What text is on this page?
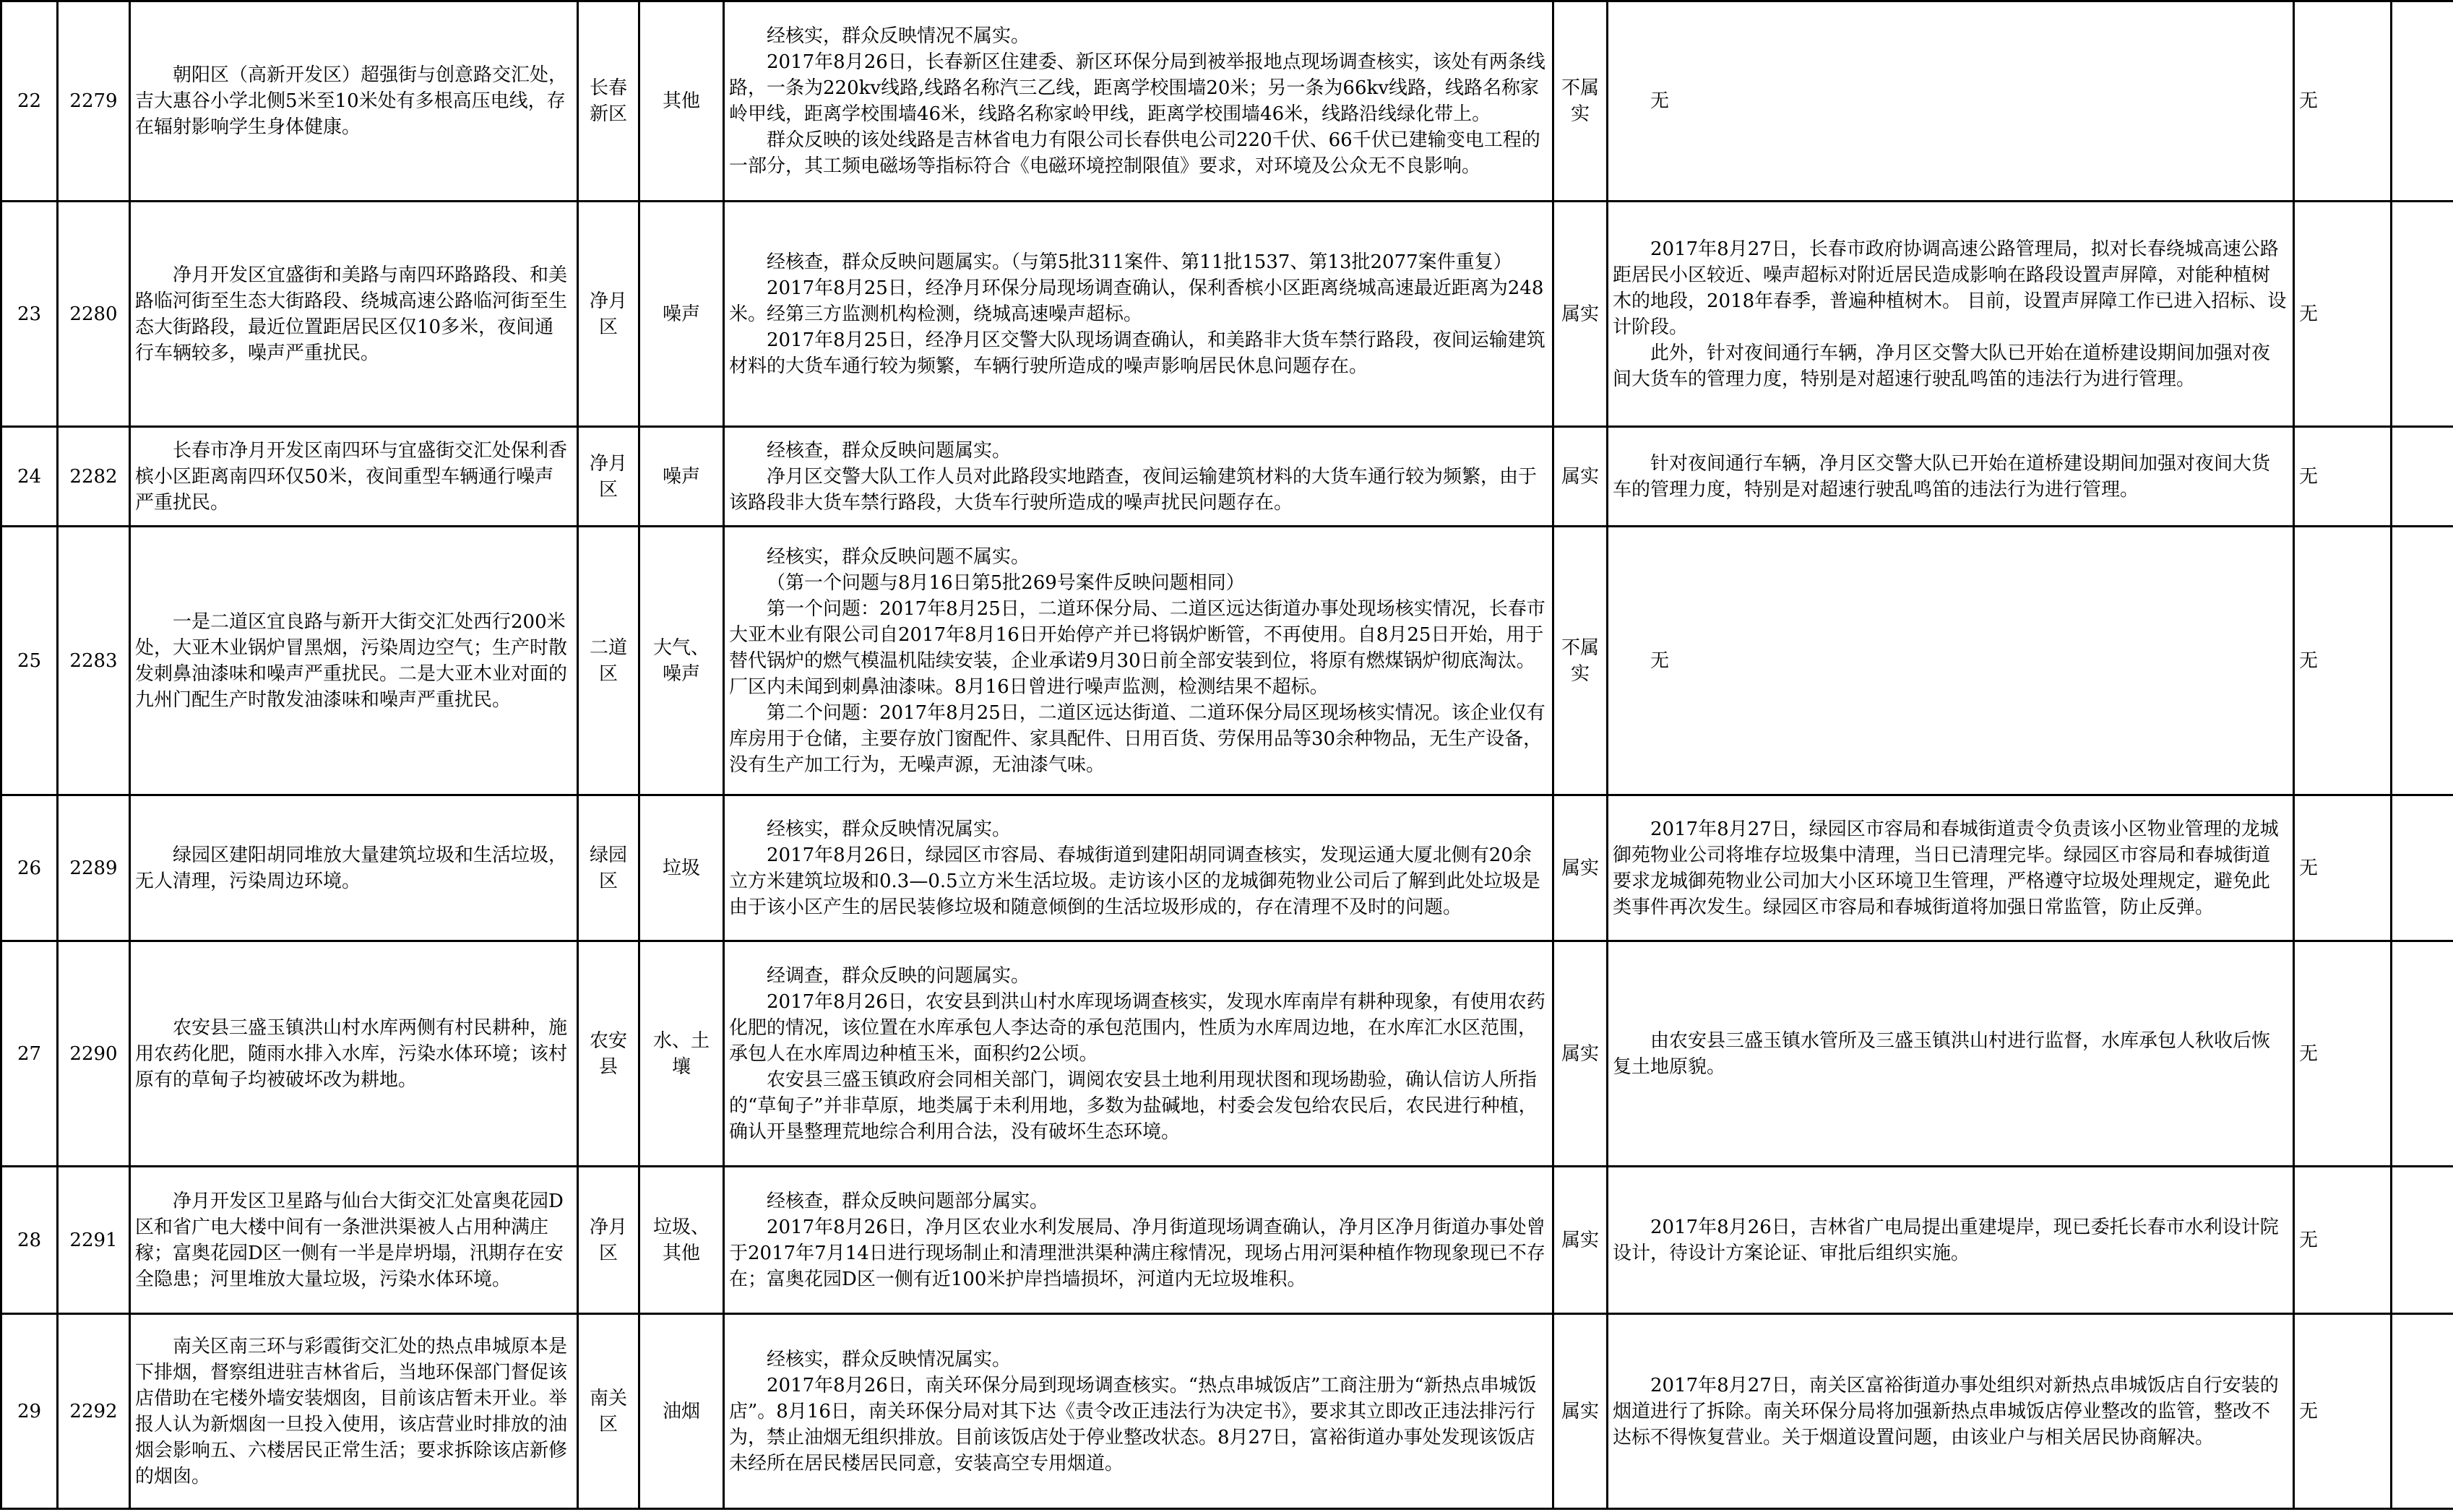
22	2279	朝阳区（高新开发区）超强街与创意路交汇处，吉大惠谷小学北侧5米至10米处有多根高压电线，存在辐射影响学生身体健康。	长春新区	其他	经核实，群众反映情况不属实。
2017年8月26日，长春新区住建委、新区环保分局到被举报地点现场调查核实，该处有两条线路，一条为220kv线路,线路名称汽三乙线，距离学校围墙20米；另一条为66kv线路，线路名称家岭甲线，距离学校围墙46米，线路名称家岭甲线，距离学校围墙46米，线路沿线绿化带上。
群众反映的该处线路是吉林省电力有限公司长春供电公司220千伏、66千伏已建输变电工程的一部分，其工频电磁场等指标符合《电磁环境控制限值》要求，对环境及公众无不良影响。	不属实	无	无		
23	2280	净月开发区宜盛街和美路与南四环路路段、和美路临河街至生态大街路段、绕城高速公路临河街至生态大街路段，最近位置距居民区仅10多米，夜间通行车辆较多，噪声严重扰民。	净月区	噪声	经核查，群众反映问题属实。（与第5批311案件、第11批1537、第13批2077案件重复）
2017年8月25日，经净月环保分局现场调查确认，保利香槟小区距离绕城高速最近距离为248米。经第三方监测机构检测，绕城高速噪声超标。
2017年8月25日，经净月区交警大队现场调查确认，和美路非大货车禁行路段，夜间运输建筑材料的大货车通行较为频繁，车辆行驶所造成的噪声影响居民休息问题存在。	属实	2017年8月27日，长春市政府协调高速公路管理局，拟对长春绕城高速公路距居民小区较近、噪声超标对附近居民造成影响在路段设置声屏障，对能种植树木的地段，2018年春季，普遍种植树木。 目前，设置声屏障工作已进入招标、设计阶段。
此外，针对夜间通行车辆，净月区交警大队已开始在道桥建设期间加强对夜间大货车的管理力度，特别是对超速行驶乱鸣笛的违法行为进行管理。	无		
24	2282	长春市净月开发区南四环与宜盛街交汇处保利香槟小区距离南四环仅50米，夜间重型车辆通行噪声严重扰民。	净月区	噪声	经核查，群众反映问题属实。
净月区交警大队工作人员对此路段实地踏查，夜间运输建筑材料的大货车通行较为频繁，由于该路段非大货车禁行路段，大货车行驶所造成的噪声扰民问题存在。	属实	针对夜间通行车辆，净月区交警大队已开始在道桥建设期间加强对夜间大货车的管理力度，特别是对超速行驶乱鸣笛的违法行为进行管理。	无		
25	2283	一是二道区宜良路与新开大街交汇处西行200米处，大亚木业锅炉冒黑烟，污染周边空气；生产时散发刺鼻油漆味和噪声严重扰民。二是大亚木业对面的九州门配生产时散发油漆味和噪声严重扰民。	二道区	大气、噪声	经核实，群众反映问题不属实。
（第一个问题与8月16日第5批269号案件反映问题相同）
第一个问题：2017年8月25日，二道环保分局、二道区远达街道办事处现场核实情况，长春市大亚木业有限公司自2017年8月16日开始停产并已将锅炉断管，不再使用。自8月25日开始，用于替代锅炉的燃气模温机陆续安装，企业承诺9月30日前全部安装到位，将原有燃煤锅炉彻底淘汰。厂区内未闻到刺鼻油漆味。8月16日曾进行噪声监测，检测结果不超标。
第二个问题：2017年8月25日，二道区远达街道、二道环保分局区现场核实情况。该企业仅有库房用于仓储，主要存放门窗配件、家具配件、日用百货、劳保用品等30余种物品，无生产设备，没有生产加工行为，无噪声源，无油漆气味。	不属实	无	无		
26	2289	绿园区建阳胡同堆放大量建筑垃圾和生活垃圾，无人清理，污染周边环境。	绿园区	垃圾	经核实，群众反映情况属实。
2017年8月26日，绿园区市容局、春城街道到建阳胡同调查核实，发现运通大厦北侧有20余立方米建筑垃圾和0.3—0.5立方米生活垃圾。走访该小区的龙城御苑物业公司后了解到此处垃圾是由于该小区产生的居民装修垃圾和随意倾倒的生活垃圾形成的，存在清理不及时的问题。	属实	2017年8月27日，绿园区市容局和春城街道责令负责该小区物业管理的龙城御苑物业公司将堆存垃圾集中清理，当日已清理完毕。绿园区市容局和春城街道要求龙城御苑物业公司加大小区环境卫生管理，严格遵守垃圾处理规定，避免此类事件再次发生。绿园区市容局和春城街道将加强日常监管，防止反弹。	无		
27	2290	农安县三盛玉镇洪山村水库两侧有村民耕种，施用农药化肥，随雨水排入水库，污染水体环境；该村原有的草甸子均被破坏改为耕地。	农安县	水、土壤	经调查，群众反映的问题属实。
2017年8月26日，农安县到洪山村水库现场调查核实，发现水库南岸有耕种现象，有使用农药化肥的情况，该位置在水库承包人李达奇的承包范围内，性质为水库周边地，在水库汇水区范围，承包人在水库周边种植玉米，面积约2公顷。
农安县三盛玉镇政府会同相关部门，调阅农安县土地利用现状图和现场勘验，确认信访人所指的“草甸子”并非草原，地类属于未利用地，多数为盐碱地，村委会发包给农民后，农民进行种植，确认开垦整理荒地综合利用合法，没有破坏生态环境。	属实	由农安县三盛玉镇水管所及三盛玉镇洪山村进行监督，水库承包人秋收后恢复土地原貌。	无		
28	2291	净月开发区卫星路与仙台大街交汇处富奥花园D区和省广电大楼中间有一条泄洪渠被人占用种满庄稼；富奥花园D区一侧有一半是岸坍塌，汛期存在安全隐患；河里堆放大量垃圾，污染水体环境。	净月区	垃圾、其他	经核查，群众反映问题部分属实。
2017年8月26日，净月区农业水利发展局、净月街道现场调查确认，净月区净月街道办事处曾于2017年7月14日进行现场制止和清理泄洪渠种满庄稼情况，现场占用河渠种植作物现象现已不存在；富奥花园D区一侧有近100米护岸挡墙损坏，河道内无垃圾堆积。	属实	2017年8月26日，吉林省广电局提出重建堤岸，现已委托长春市水利设计院设计，待设计方案论证、审批后组织实施。	无		
29	2292	南关区南三环与彩霞街交汇处的热点串城原本是下排烟，督察组进驻吉林省后，当地环保部门督促该店借助在宅楼外墙安装烟囱，目前该店暂未开业。举报人认为新烟囱一旦投入使用，该店营业时排放的油烟会影响五、六楼居民正常生活；要求拆除该店新修的烟囱。	南关区	油烟	经核实，群众反映情况属实。
2017年8月26日，南关环保分局到现场调查核实。“热点串城饭店”工商注册为“新热点串城饭店”。8月16日，南关环保分局对其下达《责令改正违法行为决定书》，要求其立即改正违法排污行为，禁止油烟无组织排放。目前该饭店处于停业整改状态。8月27日，富裕街道办事处发现该饭店未经所在居民楼居民同意，安装高空专用烟道。	属实	2017年8月27日，南关区富裕街道办事处组织对新热点串城饭店自行安装的烟道进行了拆除。南关环保分局将加强新热点串城饭店停业整改的监管，整改不达标不得恢复营业。关于烟道设置问题，由该业户与相关居民协商解决。	无		
